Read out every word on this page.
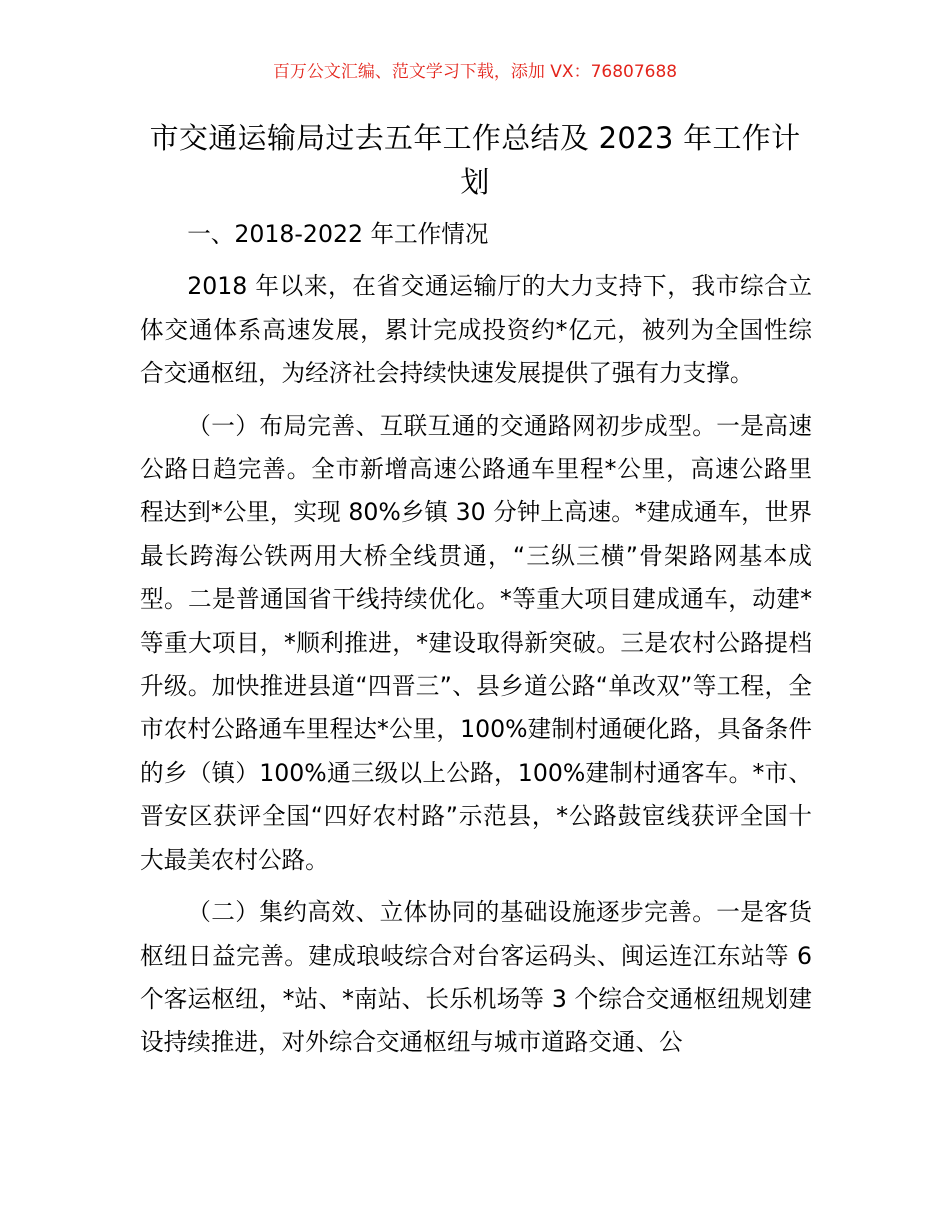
百万公文汇编、范文学习下载，添加 VX：76807688
市交通运输局过去五年工作总结及 2023 年工作计划

一、2018-2022 年工作情况

2018 年以来，在省交通运输厅的大力支持下，我市综合立体交通体系高速发展，累计完成投资约*亿元，被列为全国性综合交通枢纽，为经济社会持续快速发展提供了强有力支撑。

（一）布局完善、互联互通的交通路网初步成型。一是高速公路日趋完善。全市新增高速公路通车里程*公里，高速公路里程达到*公里，实现 80%乡镇 30 分钟上高速。*建成通车，世界最长跨海公铁两用大桥全线贯通，“三纵三横”骨架路网基本成型。二是普通国省干线持续优化。*等重大项目建成通车，动建*等重大项目，*顺利推进，*建设取得新突破。三是农村公路提档升级。加快推进县道“四晋三”、县乡道公路“单改双”等工程，全市农村公路通车里程达*公里，100%建制村通硬化路，具备条件的乡（镇）100%通三级以上公路，100%建制村通客车。*市、晋安区获评全国“四好农村路”示范县，*公路鼓宦线获评全国十大最美农村公路。

（二）集约高效、立体协同的基础设施逐步完善。一是客货枢纽日益完善。建成琅岐综合对台客运码头、闽运连江东站等 6 个客运枢纽，*站、*南站、长乐机场等 3 个综合交通枢纽规划建设持续推进，对外综合交通枢纽与城市道路交通、公
